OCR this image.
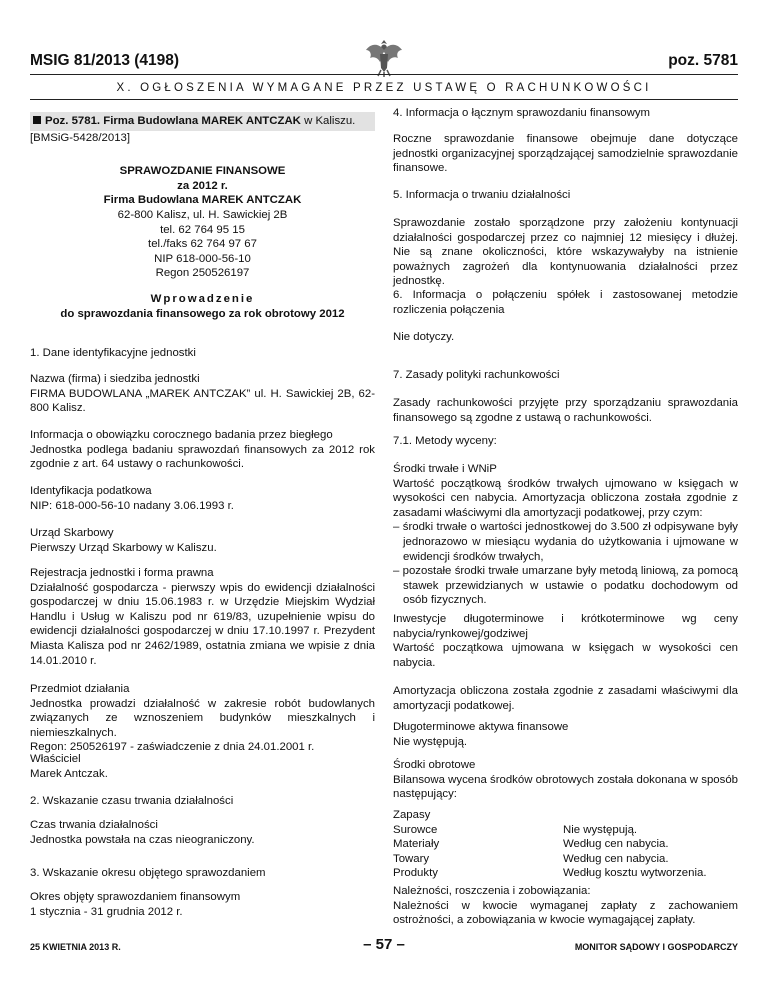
MSIG 81/2013 (4198)	poz. 5781
X. OGŁOSZENIA WYMAGANE PRZEZ USTAWĘ O RACHUNKOWOŚCI

Poz. 5781. Firma Budowlana MAREK ANTCZAK w Kaliszu.

[BMSiG-5428/2013]

SPRAWOZDANIE FINANSOWE

za 2012 r.

Firma Budowlana MAREK ANTCZAK

62-800 Kalisz, ul. H. Sawickiej 2B

tel. 62 764 95 15

tel./faks 62 764 97 67

NIP 618-000-56-10

Regon 250526197

Wprowadzenie

do sprawozdania finansowego za rok obrotowy 2012

1. Dane identyfikacyjne jednostki

Nazwa (firma) i siedziba jednostki

FIRMA BUDOWLANA „MAREK ANTCZAK” ul. H. Sawickiej 2B, 62-800 Kalisz.

Informacja o obowiązku corocznego badania przez biegłego

Jednostka podlega badaniu sprawozdań finansowych za 2012 rok zgodnie z art. 64 ustawy o rachunkowości.

Identyfikacja podatkowa

NIP: 618-000-56-10 nadany 3.06.1993 r.

Urząd Skarbowy

Pierwszy Urząd Skarbowy w Kaliszu.

Rejestracja jednostki i forma prawna

Działalność gospodarcza - pierwszy wpis do ewidencji działalności gospodarczej w dniu 15.06.1983 r. w Urzędzie Miejskim Wydział Handlu i Usług w Kaliszu pod nr 619/83, uzupełnienie wpisu do ewidencji działalności gospodarczej w dniu 17.10.1997 r. Prezydent Miasta Kalisza pod nr 2462/1989, ostatnia zmiana we wpisie z dnia 14.01.2010 r.

Przedmiot działania

Jednostka prowadzi działalność w zakresie robót budowlanych związanych ze wznoszeniem budynków mieszkalnych i niemieszkalnych.

Regon: 250526197 - zaświadczenie z dnia 24.01.2001 r.

Właściciel

Marek Antczak.

2. Wskazanie czasu trwania działalności

Czas trwania działalności

Jednostka powstała na czas nieograniczony.

3. Wskazanie okresu objętego sprawozdaniem

Okres objęty sprawozdaniem finansowym

1 stycznia - 31 grudnia 2012 r.

4. Informacja o łącznym sprawozdaniu finansowym

Roczne sprawozdanie finansowe obejmuje dane dotyczące jednostki organizacyjnej sporządzającej samodzielnie sprawozdanie finansowe.

5. Informacja o trwaniu działalności

Sprawozdanie zostało sporządzone przy założeniu kontynuacji działalności gospodarczej przez co najmniej 12 miesięcy i dłużej. Nie są znane okoliczności, które wskazywałyby na istnienie poważnych zagrożeń dla kontynuowania działalności przez jednostkę.

6. Informacja o połączeniu spółek i zastosowanej metodzie rozliczenia połączenia

Nie dotyczy.

7. Zasady polityki rachunkowości

Zasady rachunkowości przyjęte przy sporządzaniu sprawozdania finansowego są zgodne z ustawą o rachunkowości.

7.1. Metody wyceny:

Środki trwałe i WNiP

Wartość początkową środków trwałych ujmowano w księgach w wysokości cen nabycia. Amortyzacja obliczona została zgodnie z zasadami właściwymi dla amortyzacji podatkowej, przy czym:

– środki trwałe o wartości jednostkowej do 3.500 zł odpisywane były jednorazowo w miesiącu wydania do użytkowania i ujmowane w ewidencji środków trwałych,

– pozostałe środki trwałe umarzane były metodą liniową, za pomocą stawek przewidzianych w ustawie o podatku dochodowym od osób fizycznych.

Inwestycje długoterminowe i krótkoterminowe wg ceny nabycia/rynkowej/godziwej

Wartość początkowa ujmowana w księgach w wysokości cen nabycia.

Amortyzacja obliczona została zgodnie z zasadami właściwymi dla amortyzacji podatkowej.

Długoterminowe aktywa finansowe

Nie występują.

Środki obrotowe

Bilansowa wycena środków obrotowych została dokonana w sposób następujący:

Zapasy
Surowce	Nie występują.
Materiały	Według cen nabycia.
Towary	Według cen nabycia.
Produkty	Według kosztu wytworzenia.

Należności, roszczenia i zobowiązania:

Należności w kwocie wymaganej zapłaty z zachowaniem ostrożności, a zobowiązania w kwocie wymagającej zapłaty.

25 KWIETNIA 2013 R.	– 57 –	MONITOR SĄDOWY I GOSPODARCZY
